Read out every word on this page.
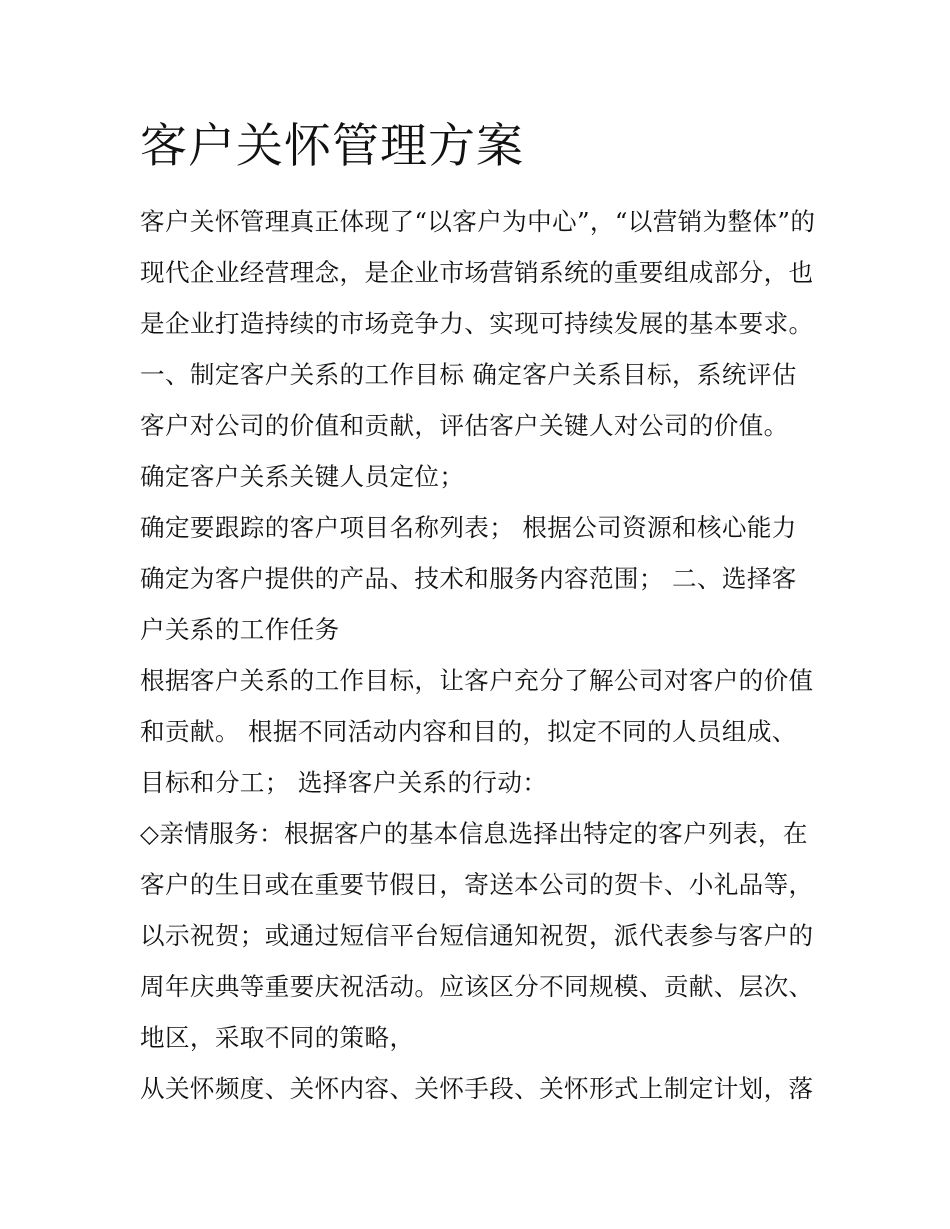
客户关怀管理方案
客户关怀管理真正体现了“以客户为中心”，“以营销为整体”的
现代企业经营理念，是企业市场营销系统的重要组成部分，也
是企业打造持续的市场竞争力、实现可持续发展的基本要求。
一、制定客户关系的工作目标 确定客户关系目标，系统评估
客户对公司的价值和贡献，评估客户关键人对公司的价值。
确定客户关系关键人员定位；
确定要跟踪的客户项目名称列表； 根据公司资源和核心能力
确定为客户提供的产品、技术和服务内容范围； 二、选择客
户关系的工作任务
根据客户关系的工作目标，让客户充分了解公司对客户的价值
和贡献。 根据不同活动内容和目的，拟定不同的人员组成、
目标和分工； 选择客户关系的行动：
◇亲情服务：根据客户的基本信息选择出特定的客户列表，在
客户的生日或在重要节假日，寄送本公司的贺卡、小礼品等，
以示祝贺；或通过短信平台短信通知祝贺，派代表参与客户的
周年庆典等重要庆祝活动。应该区分不同规模、贡献、层次、
地区，采取不同的策略，
从关怀频度、关怀内容、关怀手段、关怀形式上制定计划，落
